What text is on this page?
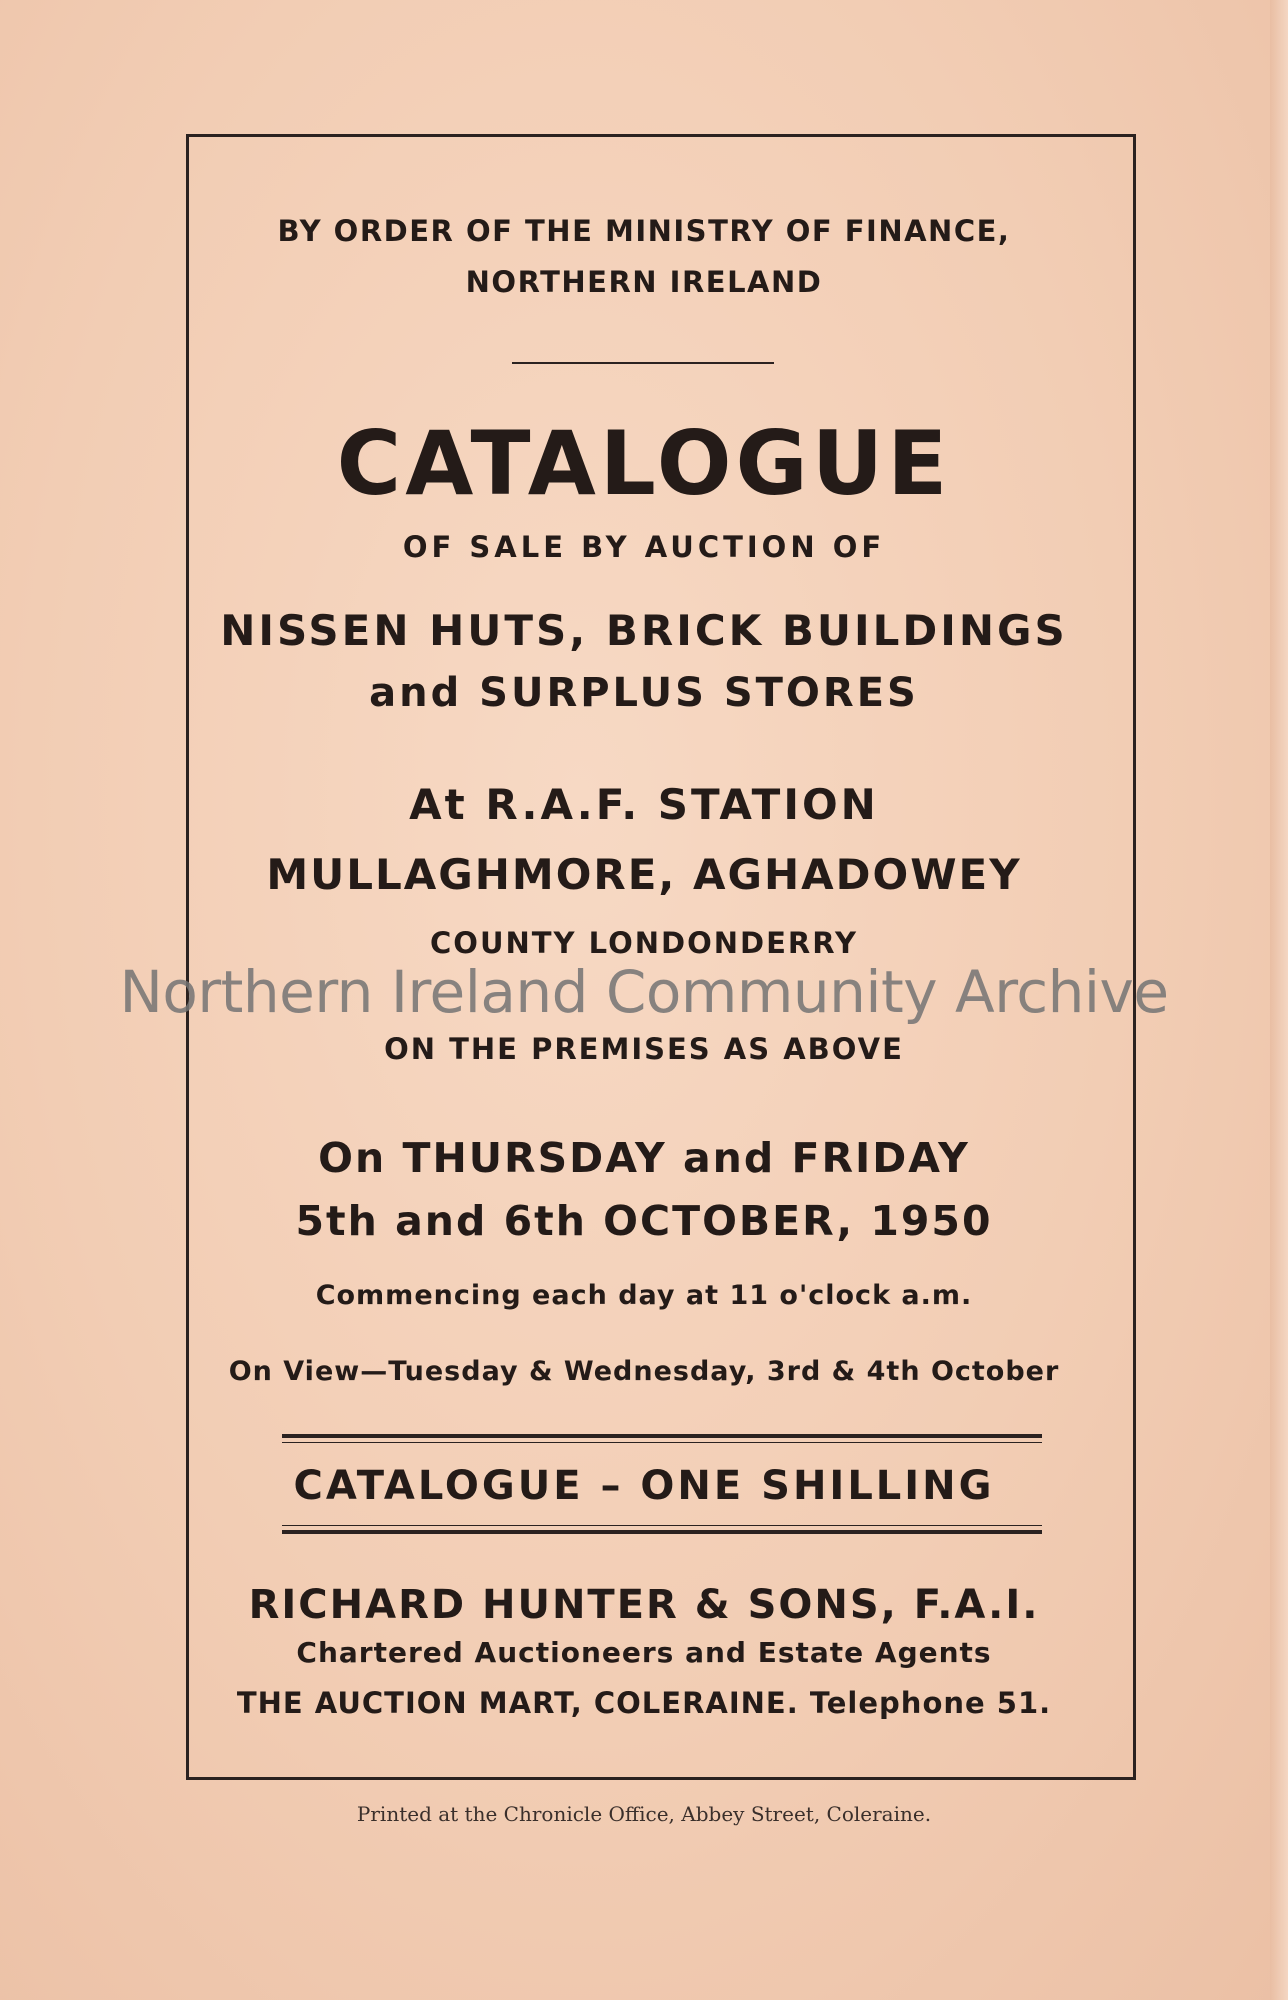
BY ORDER OF THE MINISTRY OF FINANCE,
NORTHERN IRELAND
CATALOGUE
OF SALE BY AUCTION OF
NISSEN HUTS, BRICK BUILDINGS
and SURPLUS STORES
At R.A.F. STATION
MULLAGHMORE, AGHADOWEY
COUNTY LONDONDERRY
Northern Ireland Community Archive
ON THE PREMISES AS ABOVE
On THURSDAY and FRIDAY
5th and 6th OCTOBER, 1950
Commencing each day at 11 o'clock a.m.
On View—Tuesday & Wednesday, 3rd & 4th October
CATALOGUE – ONE SHILLING
RICHARD HUNTER & SONS, F.A.I.
Chartered Auctioneers and Estate Agents
THE AUCTION MART, COLERAINE. Telephone 51.
Printed at the Chronicle Office, Abbey Street, Coleraine.
